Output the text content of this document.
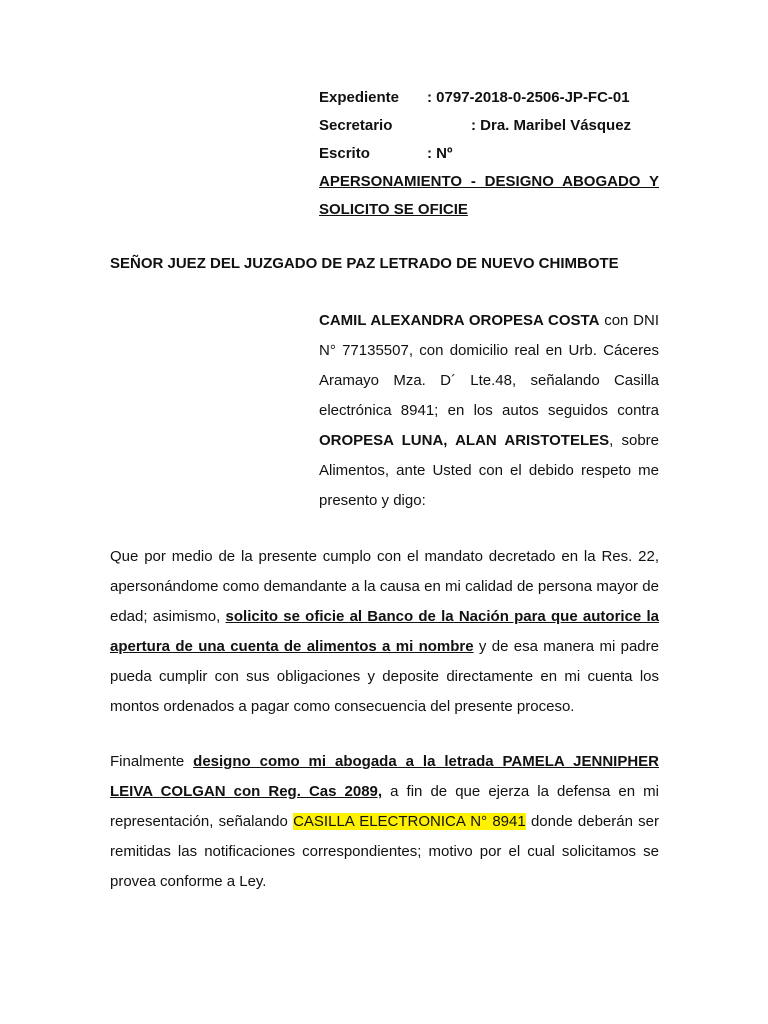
Expediente : 0797-2018-0-2506-JP-FC-01
Secretario	: Dra. Maribel Vásquez
Escrito	: Nº
APERSONAMIENTO - DESIGNO ABOGADO Y
SOLICITO SE OFICIE
SEÑOR JUEZ DEL JUZGADO DE PAZ LETRADO DE NUEVO CHIMBOTE
CAMIL ALEXANDRA OROPESA COSTA con DNI N° 77135507, con domicilio real en Urb. Cáceres Aramayo Mza. D´ Lte.48, señalando Casilla electrónica 8941; en los autos seguidos contra OROPESA LUNA, ALAN ARISTOTELES, sobre Alimentos, ante Usted con el debido respeto me presento y digo:
Que por medio de la presente cumplo con el mandato decretado en la Res. 22, apersonándome como demandante a la causa en mi calidad de persona mayor de edad; asimismo, solicito se oficie al Banco de la Nación para que autorice la apertura de una cuenta de alimentos a mi nombre y de esa manera mi padre pueda cumplir con sus obligaciones y deposite directamente en mi cuenta los montos ordenados a pagar como consecuencia del presente proceso.
Finalmente designo como mi abogada a la letrada PAMELA JENNIPHER LEIVA COLGAN con Reg. Cas 2089, a fin de que ejerza la defensa en mi representación, señalando CASILLA ELECTRONICA N° 8941 donde deberán ser remitidas las notificaciones correspondientes; motivo por el cual solicitamos se provea conforme a Ley.
